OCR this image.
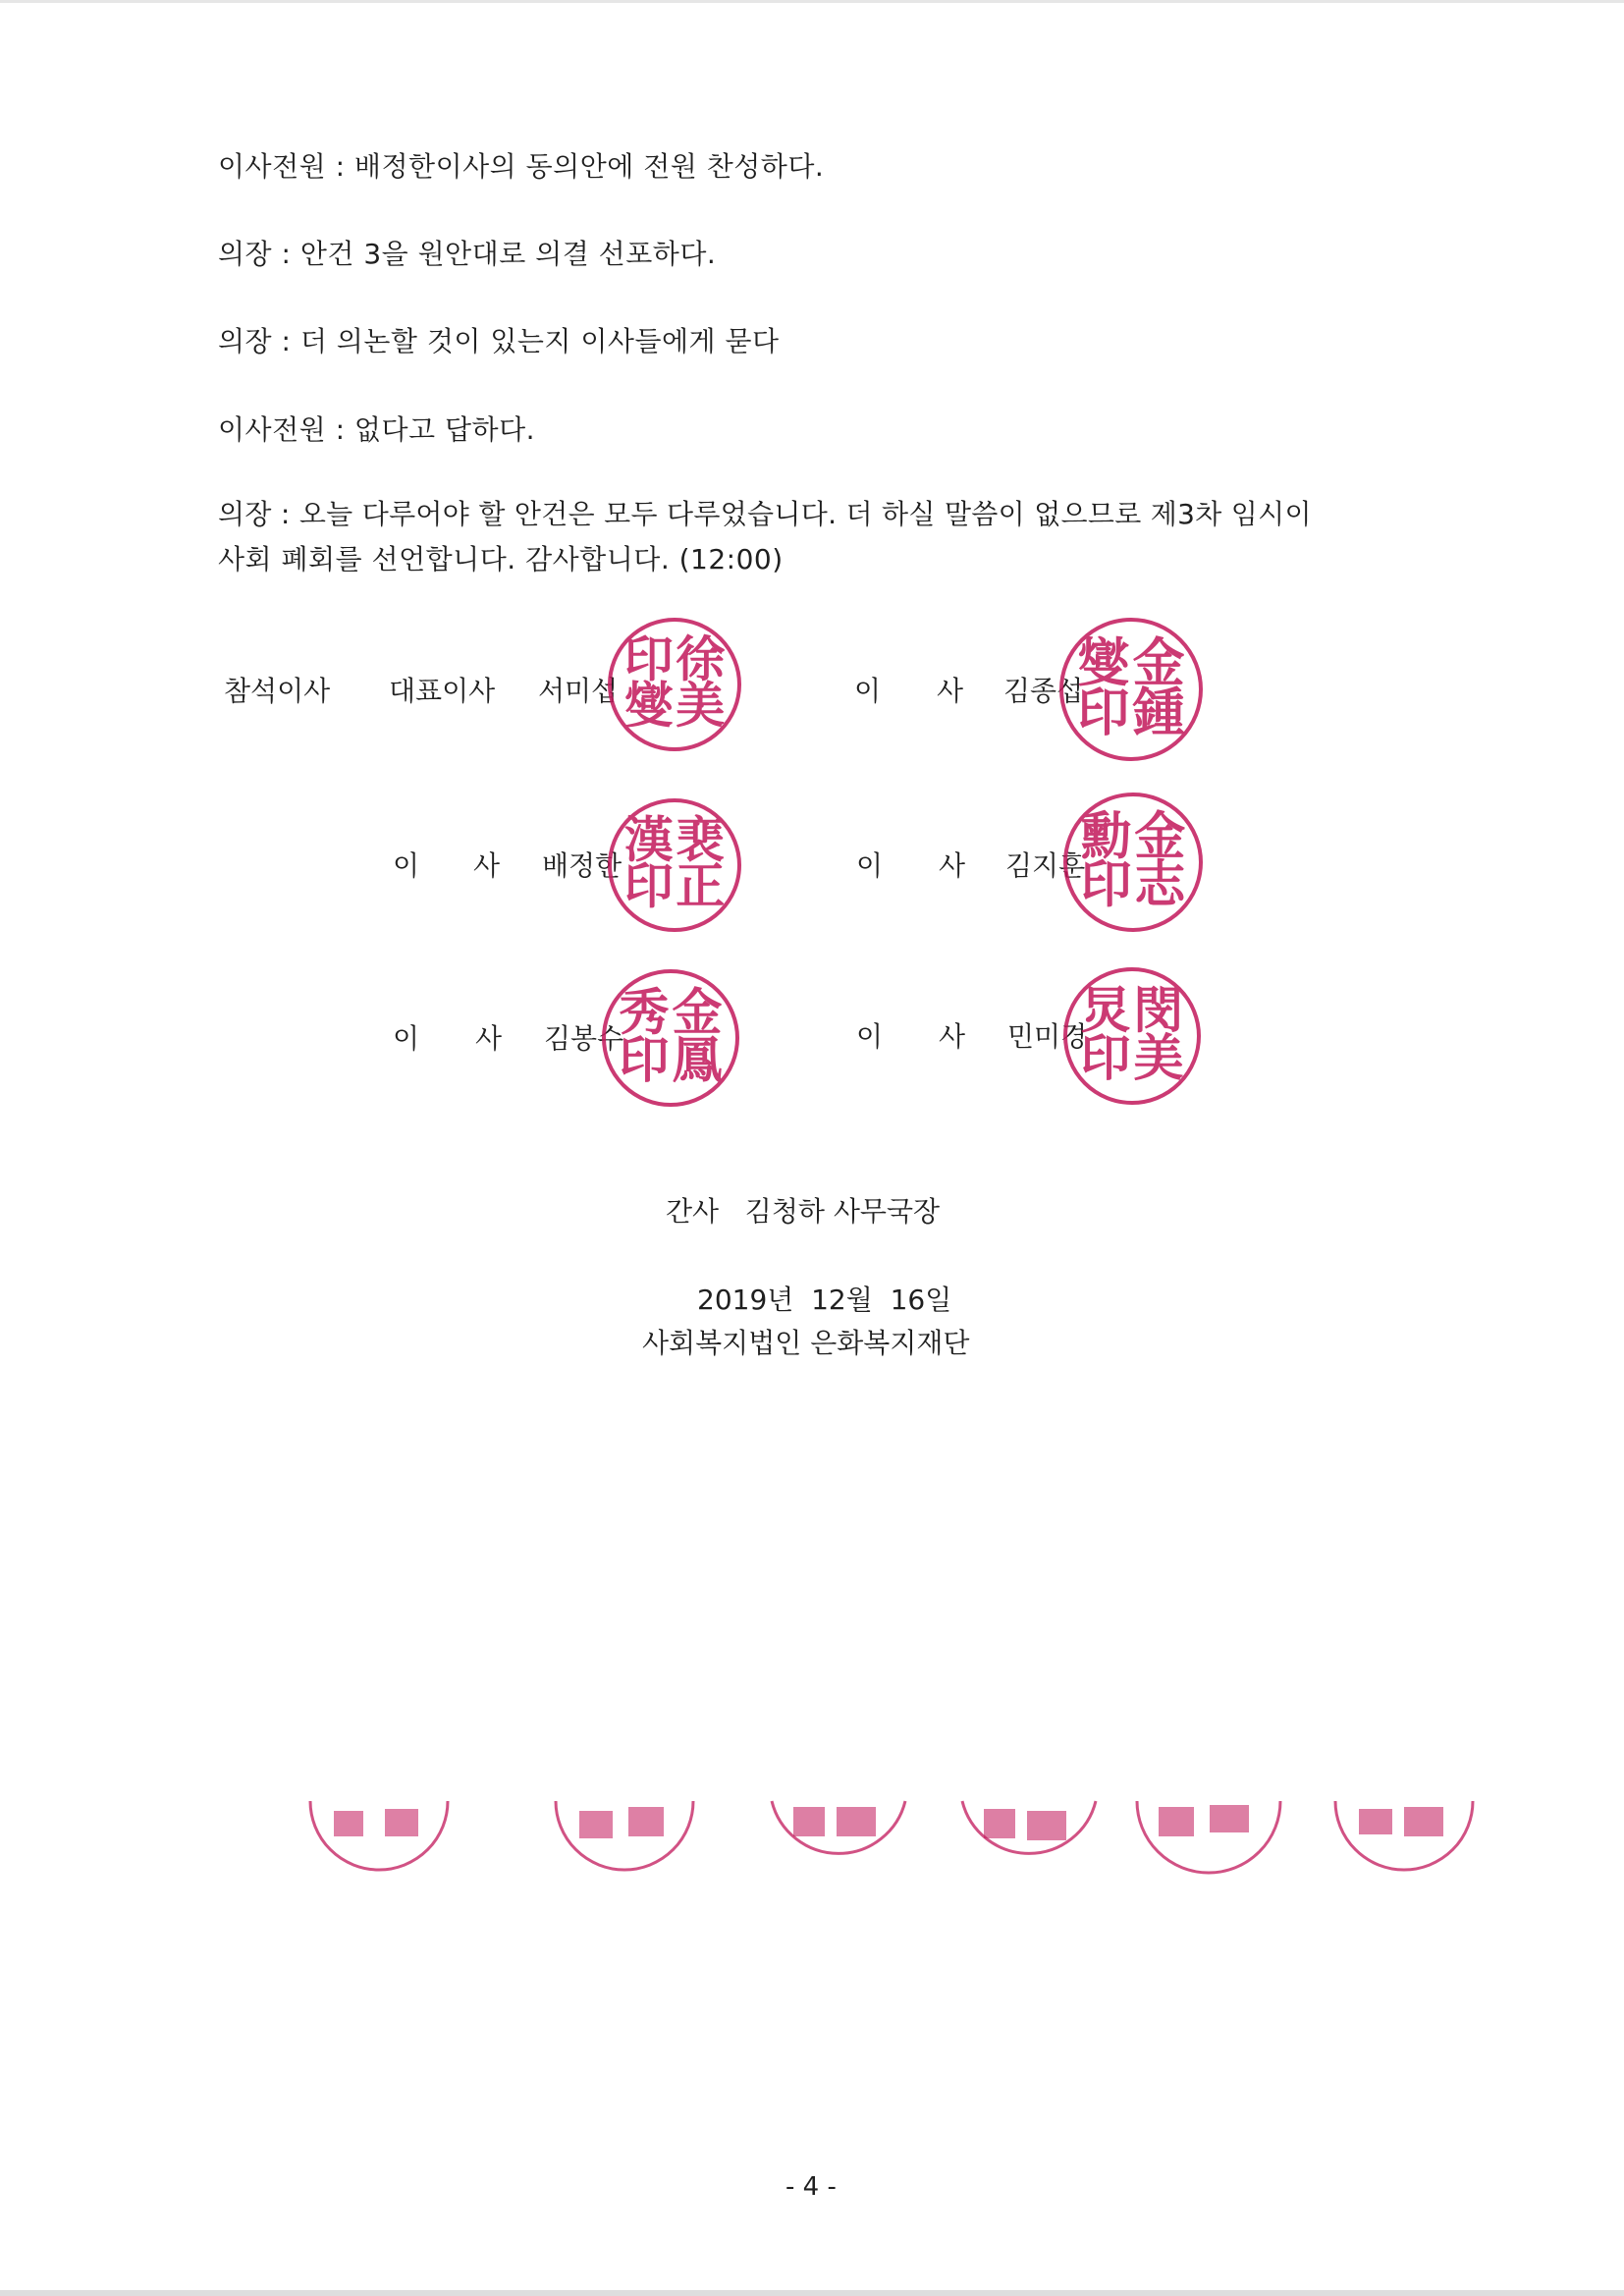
이사전원 : 배정한이사의 동의안에 전원 찬성하다.
의장 : 안건 3을 원안대로 의결 선포하다.
의장 : 더 의논할 것이 있는지 이사들에게 묻다
이사전원 : 없다고 답하다.
의장 : 오늘 다루어야 할 안건은 모두 다루었습니다. 더 하실 말씀이 없으므로 제3차 임시이
사회 폐회를 선언합니다. 감사합니다. (12:00)
참석이사 대표이사 서미섭	이 사 김종섭
이 사 배정한	이 사 김지훈
이 사 김봉수	이 사 민미경
徐
美
印
燮
金
鍾
燮
印
裵
正
漢
印
金
志
勳
印
金
鳳
秀
印
閔
美
炅
印
간사   김청하 사무국장
2019년  12월  16일
사회복지법인 은화복지재단
- 4 -
